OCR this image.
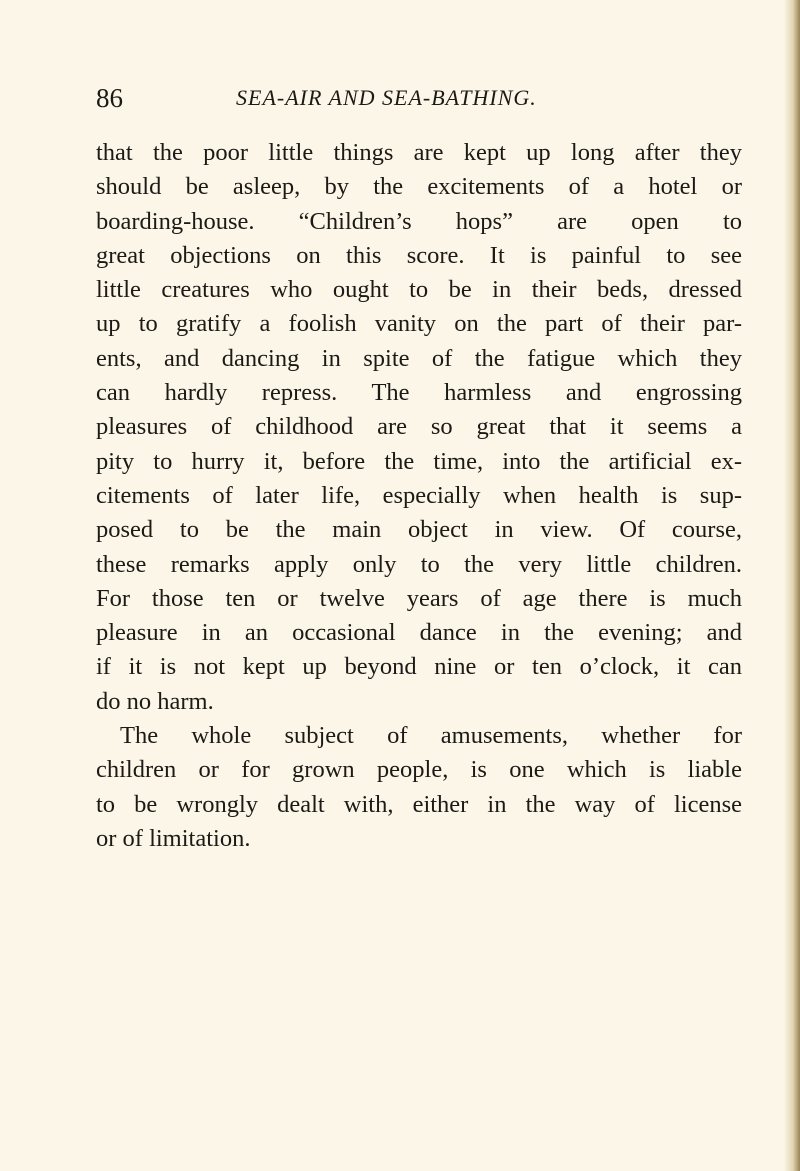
86	SEA-AIR AND SEA-BATHING.
that the poor little things are kept up long after they
should be asleep, by the excitements of a hotel or
boarding-house. “Children’s hops” are open to
great objections on this score. It is painful to see
little creatures who ought to be in their beds, dressed
up to gratify a foolish vanity on the part of their par-
ents, and dancing in spite of the fatigue which they
can hardly repress. The harmless and engrossing
pleasures of childhood are so great that it seems a
pity to hurry it, before the time, into the artificial ex-
citements of later life, especially when health is sup-
posed to be the main object in view. Of course,
these remarks apply only to the very little children.
For those ten or twelve years of age there is much
pleasure in an occasional dance in the evening; and
if it is not kept up beyond nine or ten o’clock, it can
do no harm.
The whole subject of amusements, whether for
children or for grown people, is one which is liable
to be wrongly dealt with, either in the way of license
or of limitation.
